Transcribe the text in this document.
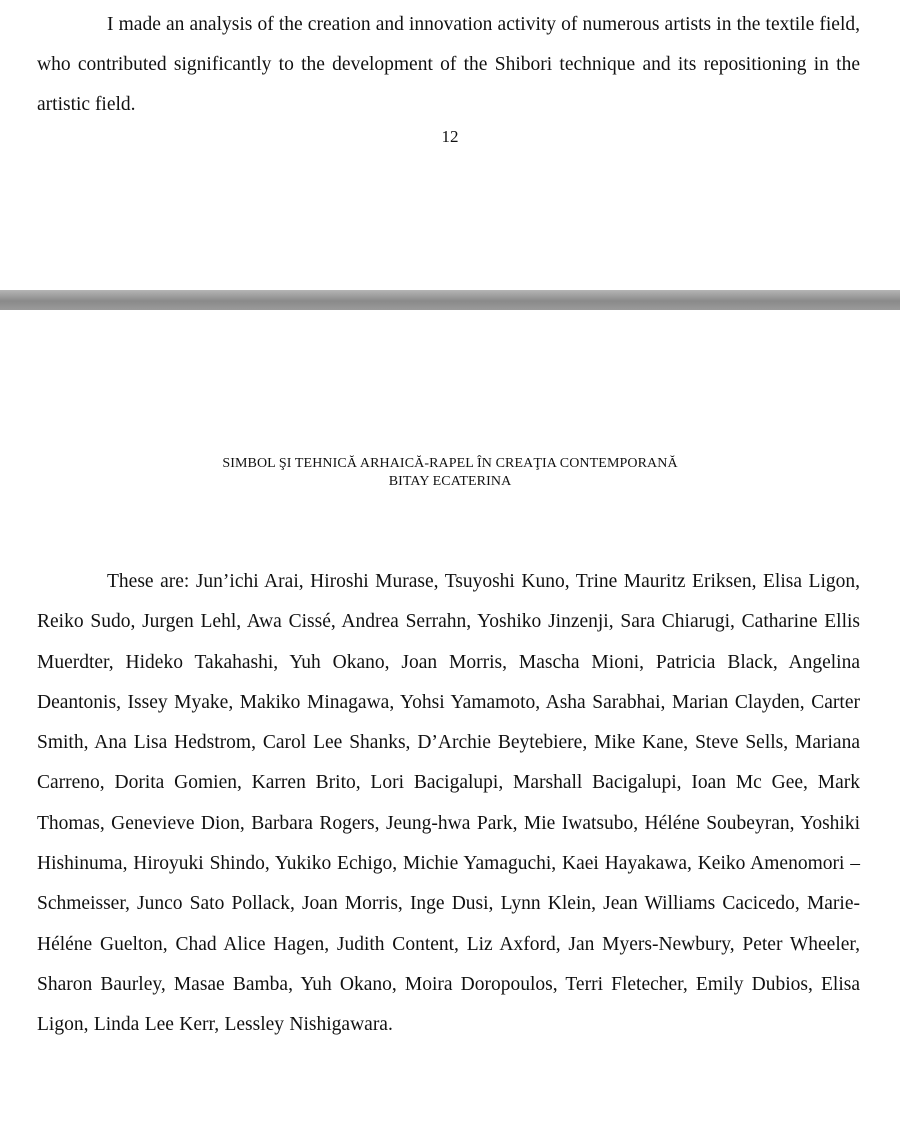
I made an analysis of the creation and innovation activity of numerous artists in the textile field, who contributed significantly to the development of the Shibori technique and its repositioning in the artistic field.

12

SIMBOL ŞI TEHNICĂ ARHAICĂ-RAPEL ÎN CREAŢIA CONTEMPORANĂ
BITAY ECATERINA

These are: Jun’ichi Arai, Hiroshi Murase, Tsuyoshi Kuno, Trine Mauritz Eriksen, Elisa Ligon, Reiko Sudo, Jurgen Lehl, Awa Cissé, Andrea Serrahn, Yoshiko Jinzenji, Sara Chiarugi, Catharine Ellis Muerdter, Hideko Takahashi, Yuh Okano, Joan Morris, Mascha Mioni, Patricia Black, Angelina Deantonis, Issey Myake, Makiko Minagawa, Yohsi Yamamoto, Asha Sarabhai, Marian Clayden, Carter Smith, Ana Lisa Hedstrom, Carol Lee Shanks, D’Archie Beytebiere, Mike Kane, Steve Sells, Mariana Carreno, Dorita Gomien, Karren Brito, Lori Bacigalupi, Marshall Bacigalupi, Ioan Mc Gee, Mark Thomas, Genevieve Dion, Barbara Rogers, Jeung-hwa Park, Mie Iwatsubo, Héléne Soubeyran, Yoshiki Hishinuma, Hiroyuki Shindo, Yukiko Echigo, Michie Yamaguchi, Kaei Hayakawa, Keiko Amenomori – Schmeisser, Junco Sato Pollack, Joan Morris, Inge Dusi, Lynn Klein, Jean Williams Cacicedo, Marie-Héléne Guelton, Chad Alice Hagen, Judith Content, Liz Axford, Jan Myers-Newbury, Peter Wheeler, Sharon Baurley, Masae Bamba, Yuh Okano, Moira Doropoulos, Terri Fletecher, Emily Dubios, Elisa Ligon, Linda Lee Kerr, Lessley Nishigawara.
